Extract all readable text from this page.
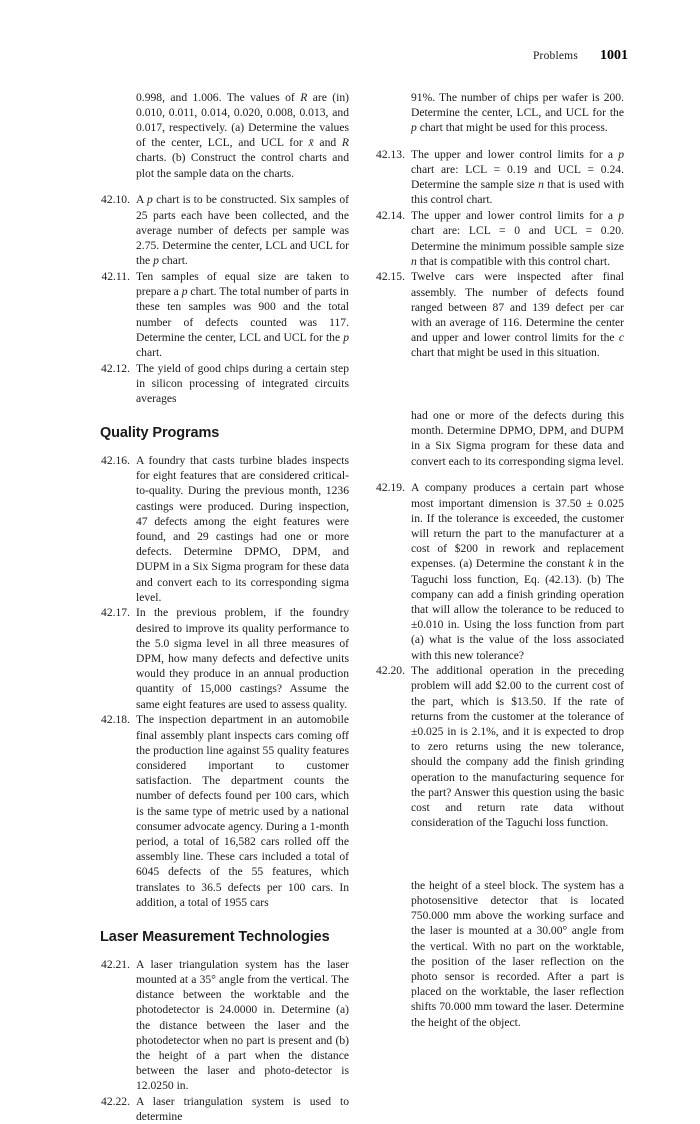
Problems 1001

0.998, and 1.006. The values of R are (in) 0.010, 0.011, 0.014, 0.020, 0.008, 0.013, and 0.017, respectively. (a) Determine the values of the center, LCL, and UCL for x̄ and R charts. (b) Construct the control charts and plot the sample data on the charts.

42.10. A p chart is to be constructed. Six samples of 25 parts each have been collected, and the average number of defects per sample was 2.75. Determine the center, LCL and UCL for the p chart.
42.11. Ten samples of equal size are taken to prepare a p chart. The total number of parts in these ten samples was 900 and the total number of defects counted was 117. Determine the center, LCL and UCL for the p chart.
42.12. The yield of good chips during a certain step in silicon processing of integrated circuits averages
Quality Programs
42.16. A foundry that casts turbine blades inspects for eight features that are considered critical-to-quality. During the previous month, 1236 castings were produced. During inspection, 47 defects among the eight features were found, and 29 castings had one or more defects. Determine DPMO, DPM, and DUPM in a Six Sigma program for these data and convert each to its corresponding sigma level.
42.17. In the previous problem, if the foundry desired to improve its quality performance to the 5.0 sigma level in all three measures of DPM, how many defects and defective units would they produce in an annual production quantity of 15,000 castings? Assume the same eight features are used to assess quality.
42.18. The inspection department in an automobile final assembly plant inspects cars coming off the production line against 55 quality features considered important to customer satisfaction. The department counts the number of defects found per 100 cars, which is the same type of metric used by a national consumer advocate agency. During a 1-month period, a total of 16,582 cars rolled off the assembly line. These cars included a total of 6045 defects of the 55 features, which translates to 36.5 defects per 100 cars. In addition, a total of 1955 cars
Laser Measurement Technologies
42.21. A laser triangulation system has the laser mounted at a 35° angle from the vertical. The distance between the worktable and the photodetector is 24.0000 in. Determine (a) the distance between the laser and the photodetector when no part is present and (b) the height of a part when the distance between the laser and photo-detector is 12.0250 in.
42.22. A laser triangulation system is used to determine

91%. The number of chips per wafer is 200. Determine the center, LCL, and UCL for the p chart that might be used for this process.

42.13. The upper and lower control limits for a p chart are: LCL = 0.19 and UCL = 0.24. Determine the sample size n that is used with this control chart.
42.14. The upper and lower control limits for a p chart are: LCL = 0 and UCL = 0.20. Determine the minimum possible sample size n that is compatible with this control chart.
42.15. Twelve cars were inspected after final assembly. The number of defects found ranged between 87 and 139 defect per car with an average of 116. Determine the center and upper and lower control limits for the c chart that might be used in this situation.

had one or more of the defects during this month. Determine DPMO, DPM, and DUPM in a Six Sigma program for these data and convert each to its corresponding sigma level.

42.19. A company produces a certain part whose most important dimension is 37.50 ± 0.025 in. If the tolerance is exceeded, the customer will return the part to the manufacturer at a cost of $200 in rework and replacement expenses. (a) Determine the constant k in the Taguchi loss function, Eq. (42.13). (b) The company can add a finish grinding operation that will allow the tolerance to be reduced to ±0.010 in. Using the loss function from part (a) what is the value of the loss associated with this new tolerance?
42.20. The additional operation in the preceding problem will add $2.00 to the current cost of the part, which is $13.50. If the rate of returns from the customer at the tolerance of ±0.025 in is 2.1%, and it is expected to drop to zero returns using the new tolerance, should the company add the finish grinding operation to the manufacturing sequence for the part? Answer this question using the basic cost and return rate data without consideration of the Taguchi loss function.

the height of a steel block. The system has a photosensitive detector that is located 750.000 mm above the working surface and the laser is mounted at a 30.00° angle from the vertical. With no part on the worktable, the position of the laser reflection on the photo sensor is recorded. After a part is placed on the worktable, the laser reflection shifts 70.000 mm toward the laser. Determine the height of the object.
